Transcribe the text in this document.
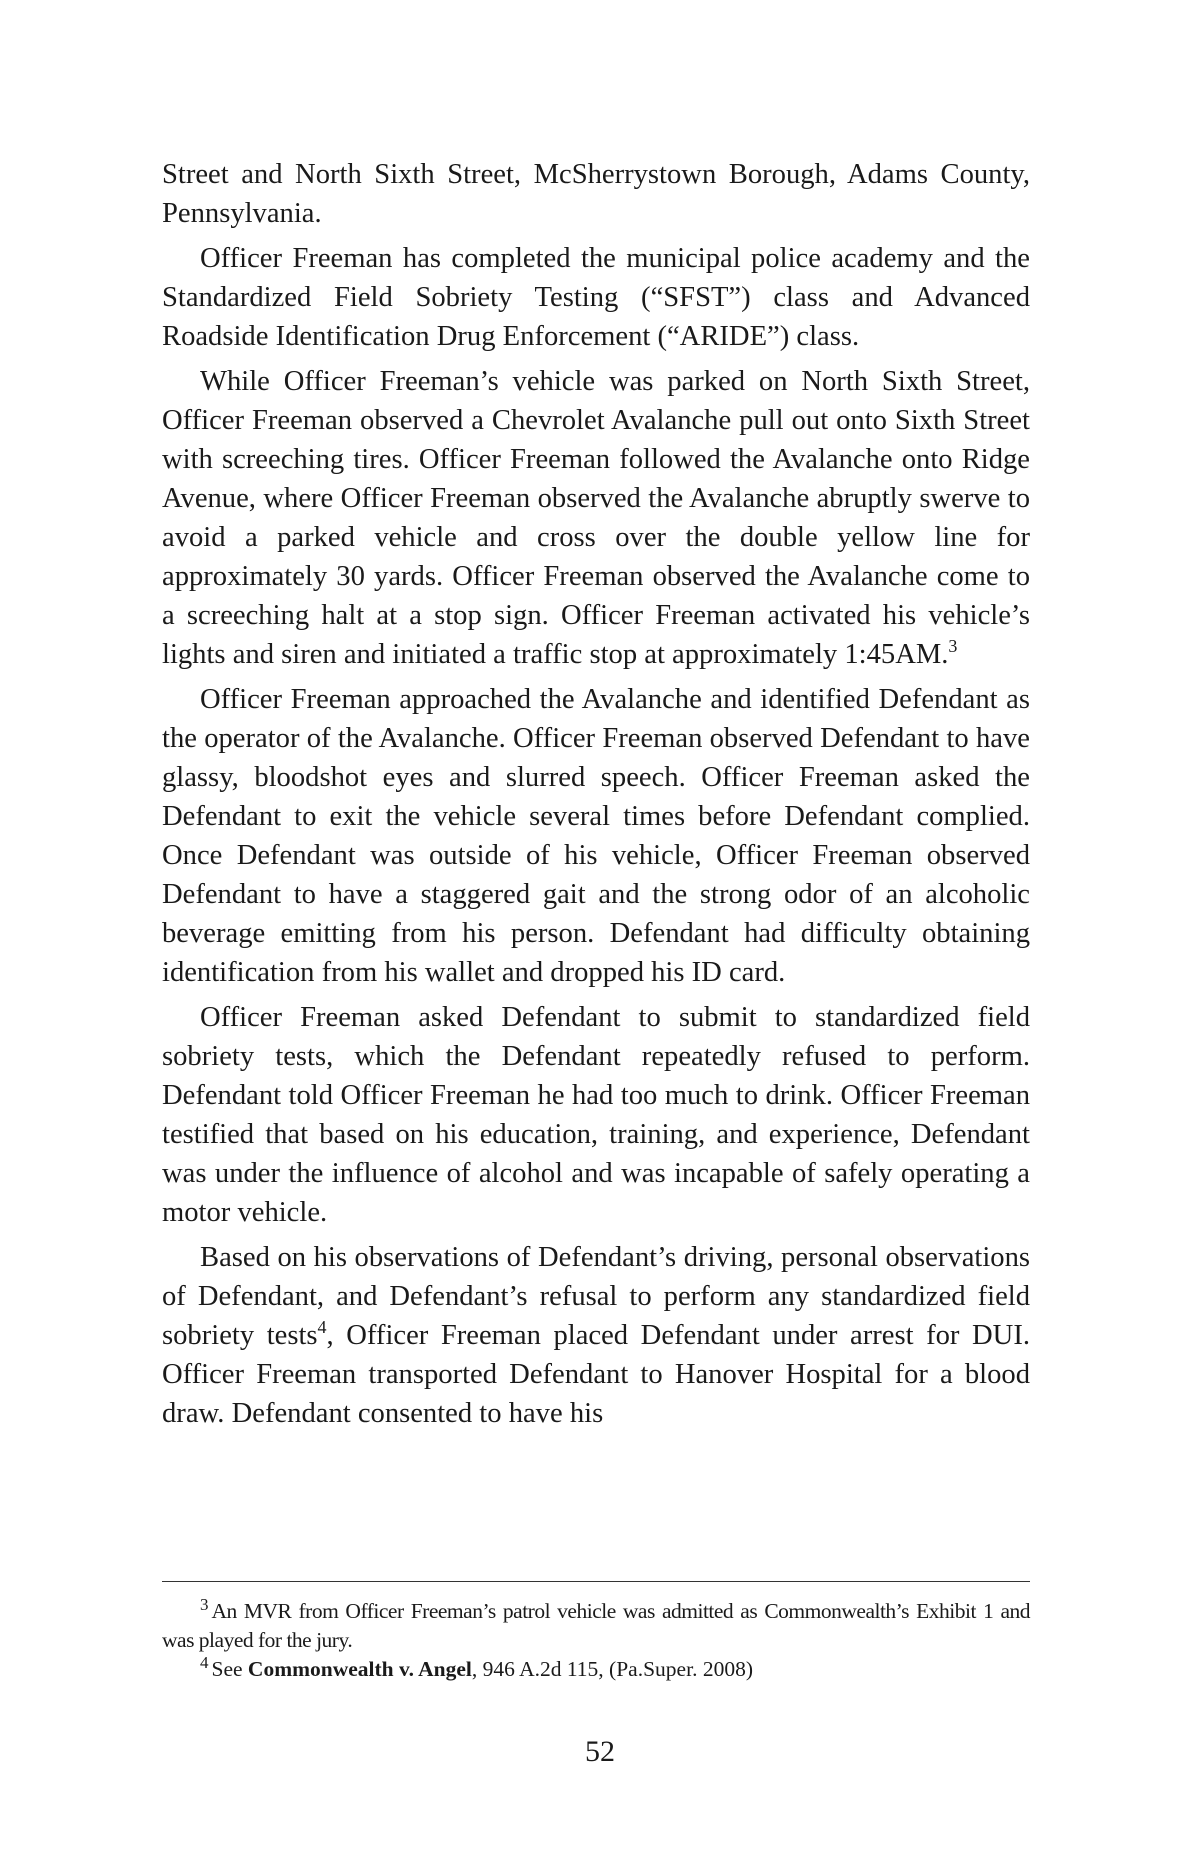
Street and North Sixth Street, McSherrystown Borough, Adams County, Pennsylvania.

Officer Freeman has completed the municipal police academy and the Standardized Field Sobriety Testing (“SFST”) class and Advanced Roadside Identification Drug Enforcement (“ARIDE”) class.

While Officer Freeman’s vehicle was parked on North Sixth Street, Officer Freeman observed a Chevrolet Avalanche pull out onto Sixth Street with screeching tires. Officer Freeman followed the Avalanche onto Ridge Avenue, where Officer Freeman observed the Avalanche abruptly swerve to avoid a parked vehicle and cross over the double yellow line for approximately 30 yards. Officer Freeman observed the Avalanche come to a screeching halt at a stop sign. Officer Freeman activated his vehicle’s lights and siren and initiated a traffic stop at approximately 1:45AM.$^3$

Officer Freeman approached the Avalanche and identified Defendant as the operator of the Avalanche. Officer Freeman observed Defendant to have glassy, bloodshot eyes and slurred speech. Officer Freeman asked the Defendant to exit the vehicle several times before Defendant complied. Once Defendant was outside of his vehicle, Officer Freeman observed Defendant to have a staggered gait and the strong odor of an alcoholic beverage emitting from his person. Defendant had difficulty obtaining identification from his wallet and dropped his ID card.

Officer Freeman asked Defendant to submit to standardized field sobriety tests, which the Defendant repeatedly refused to perform. Defendant told Officer Freeman he had too much to drink. Officer Freeman testified that based on his education, training, and experience, Defendant was under the influence of alcohol and was incapable of safely operating a motor vehicle.

Based on his observations of Defendant’s driving, personal observations of Defendant, and Defendant’s refusal to perform any standardized field sobriety tests$^4$, Officer Freeman placed Defendant under arrest for DUI. Officer Freeman transported Defendant to Hanover Hospital for a blood draw. Defendant consented to have his

$^3$ An MVR from Officer Freeman’s patrol vehicle was admitted as Commonwealth’s Exhibit 1 and was played for the jury.

$^4$ See Commonwealth v. Angel, 946 A.2d 115, (Pa.Super. 2008)

52
